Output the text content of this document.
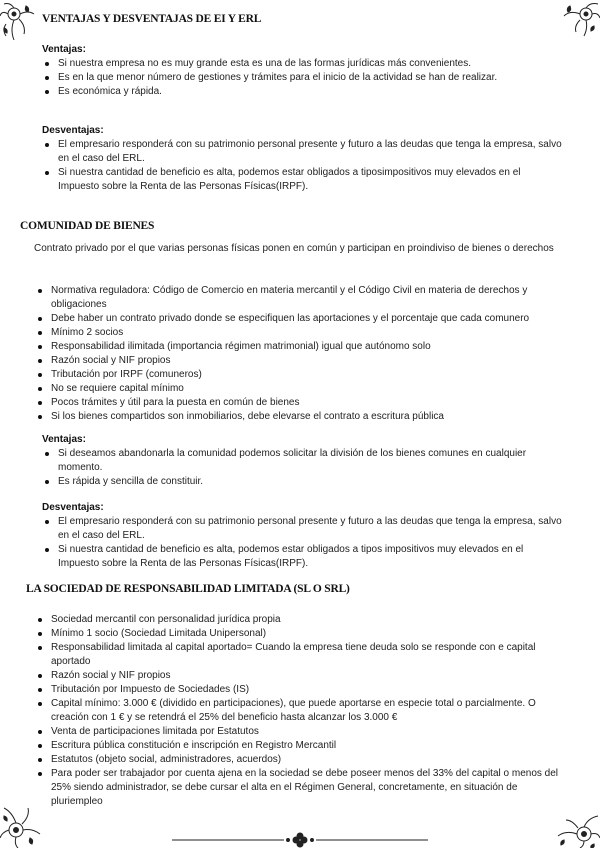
VENTAJAS Y DESVENTAJAS DE EI Y ERL

Ventajas:

Si nuestra empresa no es muy grande esta es una de las formas jurídicas más convenientes.
Es en la que menor número de gestiones y trámites para el inicio de la actividad se han de realizar.
Es económica y rápida.

Desventajas:

El empresario responderá con su patrimonio personal presente y futuro a las deudas que tenga la empresa, salvo en el caso del ERL.
Si nuestra cantidad de beneficio es alta, podemos estar obligados a tiposimpositivos muy elevados en el Impuesto sobre la Renta de las Personas Físicas(IRPF).
COMUNIDAD DE BIENES

Contrato privado por el que varias personas físicas ponen en común y participan en proindiviso de bienes o derechos

Normativa reguladora: Código de Comercio en materia mercantil y el Código Civil en materia de derechos y obligaciones
Debe haber un contrato privado donde se especifiquen las aportaciones y el porcentaje que cada comunero
Mínimo 2 socios
Responsabilidad ilimitada (importancia régimen matrimonial) igual que autónomo solo
Razón social y NIF propios
Tributación por IRPF (comuneros)
No se requiere capital mínimo
Pocos trámites y útil para la puesta en común de bienes
Si los bienes compartidos son inmobiliarios, debe elevarse el contrato a escritura pública

Ventajas:

Si deseamos abandonarla la comunidad podemos solicitar la división de los bienes comunes en cualquier momento.
Es rápida y sencilla de constituir.

Desventajas:

El empresario responderá con su patrimonio personal presente y futuro a las deudas que tenga la empresa, salvo en el caso del ERL.
Si nuestra cantidad de beneficio es alta, podemos estar obligados a tipos impositivos muy elevados en el Impuesto sobre la Renta de las Personas Físicas(IRPF).
LA SOCIEDAD DE RESPONSABILIDAD LIMITADA (SL O SRL)
Sociedad mercantil con personalidad jurídica propia
Mínimo 1 socio (Sociedad Limitada Unipersonal)
Responsabilidad limitada al capital aportado= Cuando la empresa tiene deuda solo se responde con e capital aportado
Razón social y NIF propios
Tributación por Impuesto de Sociedades (IS)
Capital mínimo: 3.000 € (dividido en participaciones), que puede aportarse en especie total o parcialmente. O creación con 1 € y se retendrá el 25% del beneficio hasta alcanzar los 3.000 €
Venta de participaciones limitada por Estatutos
Escritura pública constitución e inscripción en Registro Mercantil
Estatutos (objeto social, administradores, acuerdos)
Para poder ser trabajador por cuenta ajena en la sociedad se debe poseer menos del 33% del capital o menos del 25% siendo administrador, se debe cursar el alta en el Régimen General, concretamente, en situación de pluriempleo
